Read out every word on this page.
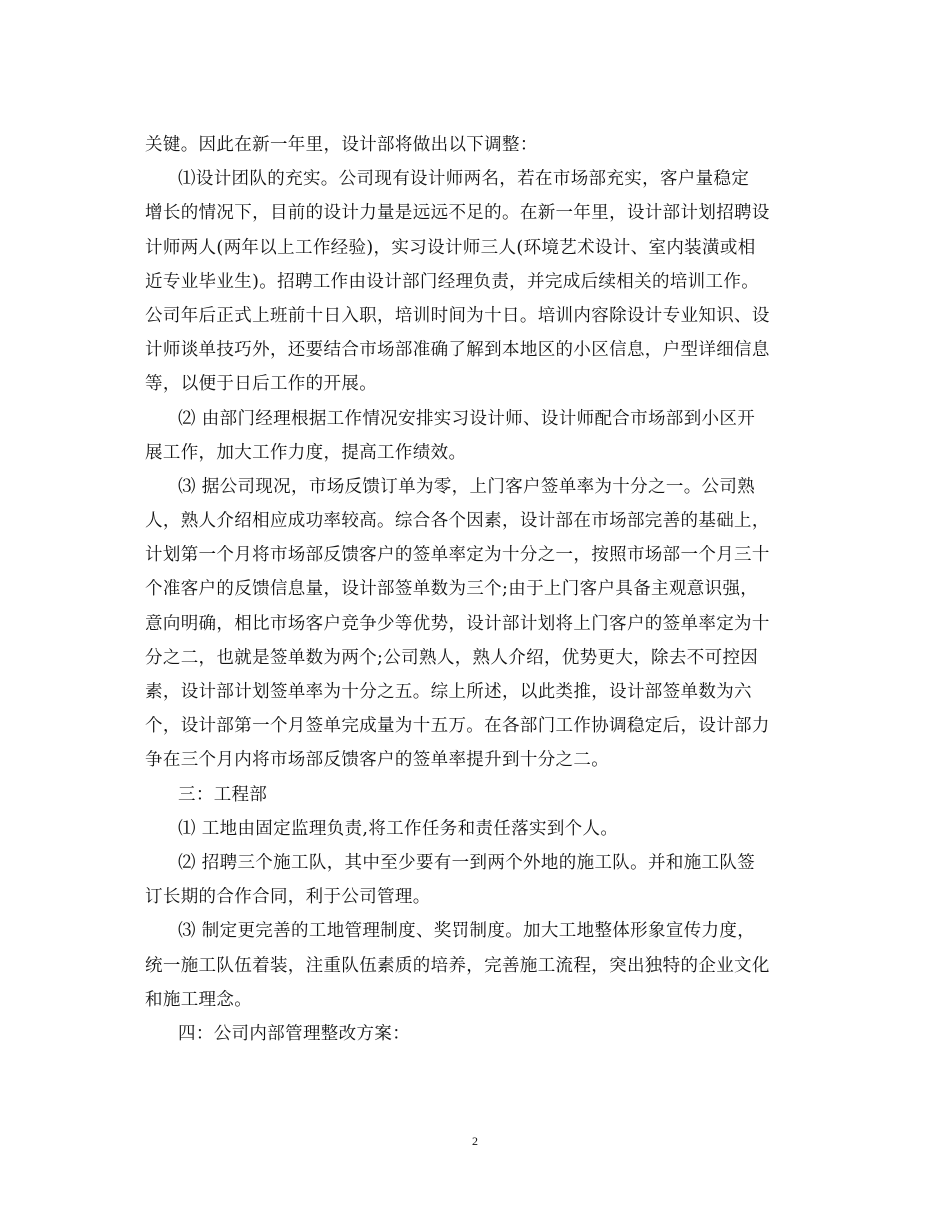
关键。因此在新一年里，设计部将做出以下调整：
⑴设计团队的充实。公司现有设计师两名，若在市场部充实，客户量稳定
增长的情况下，目前的设计力量是远远不足的。在新一年里，设计部计划招聘设
计师两人(两年以上工作经验)，实习设计师三人(环境艺术设计、室内装潢或相
近专业毕业生)。招聘工作由设计部门经理负责，并完成后续相关的培训工作。
公司年后正式上班前十日入职，培训时间为十日。培训内容除设计专业知识、设
计师谈单技巧外，还要结合市场部准确了解到本地区的小区信息，户型详细信息
等，以便于日后工作的开展。
⑵ 由部门经理根据工作情况安排实习设计师、设计师配合市场部到小区开
展工作，加大工作力度，提高工作绩效。
⑶ 据公司现况，市场反馈订单为零，上门客户签单率为十分之一。公司熟
人，熟人介绍相应成功率较高。综合各个因素，设计部在市场部完善的基础上，
计划第一个月将市场部反馈客户的签单率定为十分之一，按照市场部一个月三十
个准客户的反馈信息量，设计部签单数为三个;由于上门客户具备主观意识强，
意向明确，相比市场客户竞争少等优势，设计部计划将上门客户的签单率定为十
分之二，也就是签单数为两个;公司熟人，熟人介绍，优势更大，除去不可控因
素，设计部计划签单率为十分之五。综上所述，以此类推，设计部签单数为六
个，设计部第一个月签单完成量为十五万。在各部门工作协调稳定后，设计部力
争在三个月内将市场部反馈客户的签单率提升到十分之二。
三：工程部
⑴ 工地由固定监理负责,将工作任务和责任落实到个人。
⑵ 招聘三个施工队，其中至少要有一到两个外地的施工队。并和施工队签
订长期的合作合同，利于公司管理。
⑶ 制定更完善的工地管理制度、奖罚制度。加大工地整体形象宣传力度，
统一施工队伍着装，注重队伍素质的培养，完善施工流程，突出独特的企业文化
和施工理念。
四：公司内部管理整改方案：
2
